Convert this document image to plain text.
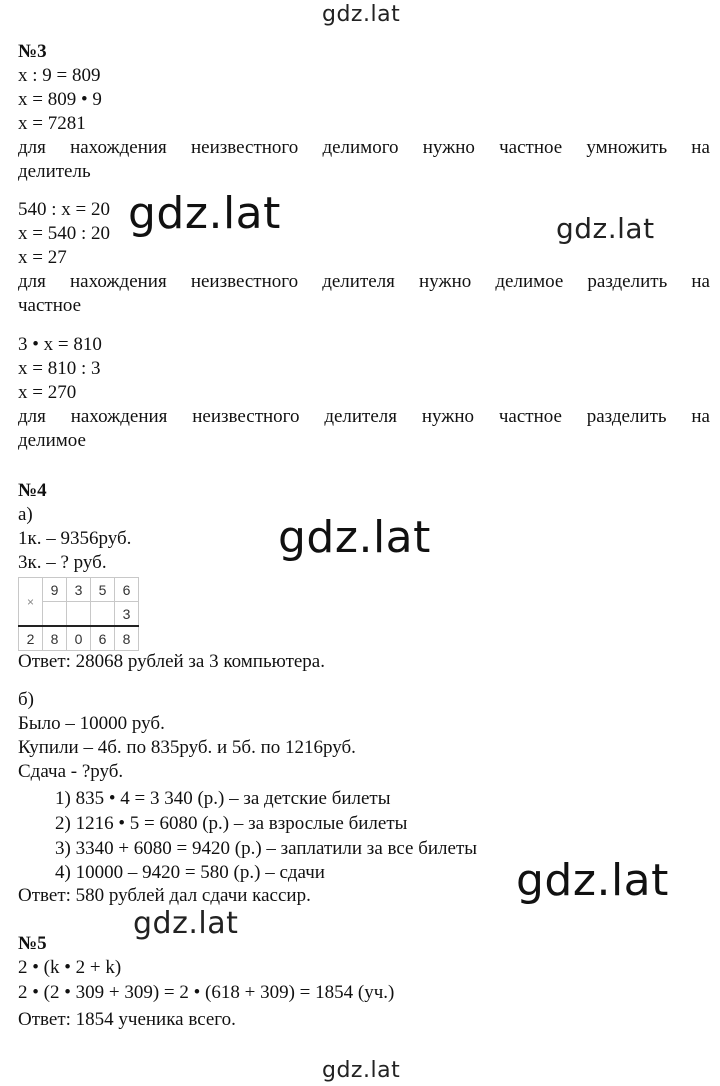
gdz.lat
gdz.lat
№3
x : 9 = 809
x = 809 • 9
x = 7281
для нахождения неизвестного делимого нужно частное умножить на
делитель
540 : x = 20
x = 540 : 20
x = 27
для нахождения неизвестного делителя нужно делимое разделить на
частное
3 • x = 810
x = 810 : 3
x = 270
для нахождения неизвестного делителя нужно частное разделить на
делимое
№4
а)
1к. – 9356руб.
3к. – ? руб.
×	9	3	5	6
				3
2	8	0	6	8
Ответ: 28068 рублей за 3 компьютера.
б)
Было – 10000 руб.
Купили – 4б. по 835руб. и 5б. по 1216руб.
Сдача - ?руб.
1) 835 • 4 = 3 340 (р.) – за детские билеты
2) 1216 • 5 = 6080 (р.) – за взрослые билеты
3) 3340 + 6080 = 9420 (р.) – заплатили за все билеты
4) 10000 – 9420 = 580 (р.) – сдачи
Ответ: 580 рублей дал сдачи кассир.
№5
2 • (k • 2 + k)
2 • (2 • 309 + 309) = 2 • (618 + 309) = 1854 (уч.)
Ответ: 1854 ученика всего.
gdz.lat	gdz.lat
gdz.lat
gdz.lat
gdz.lat
